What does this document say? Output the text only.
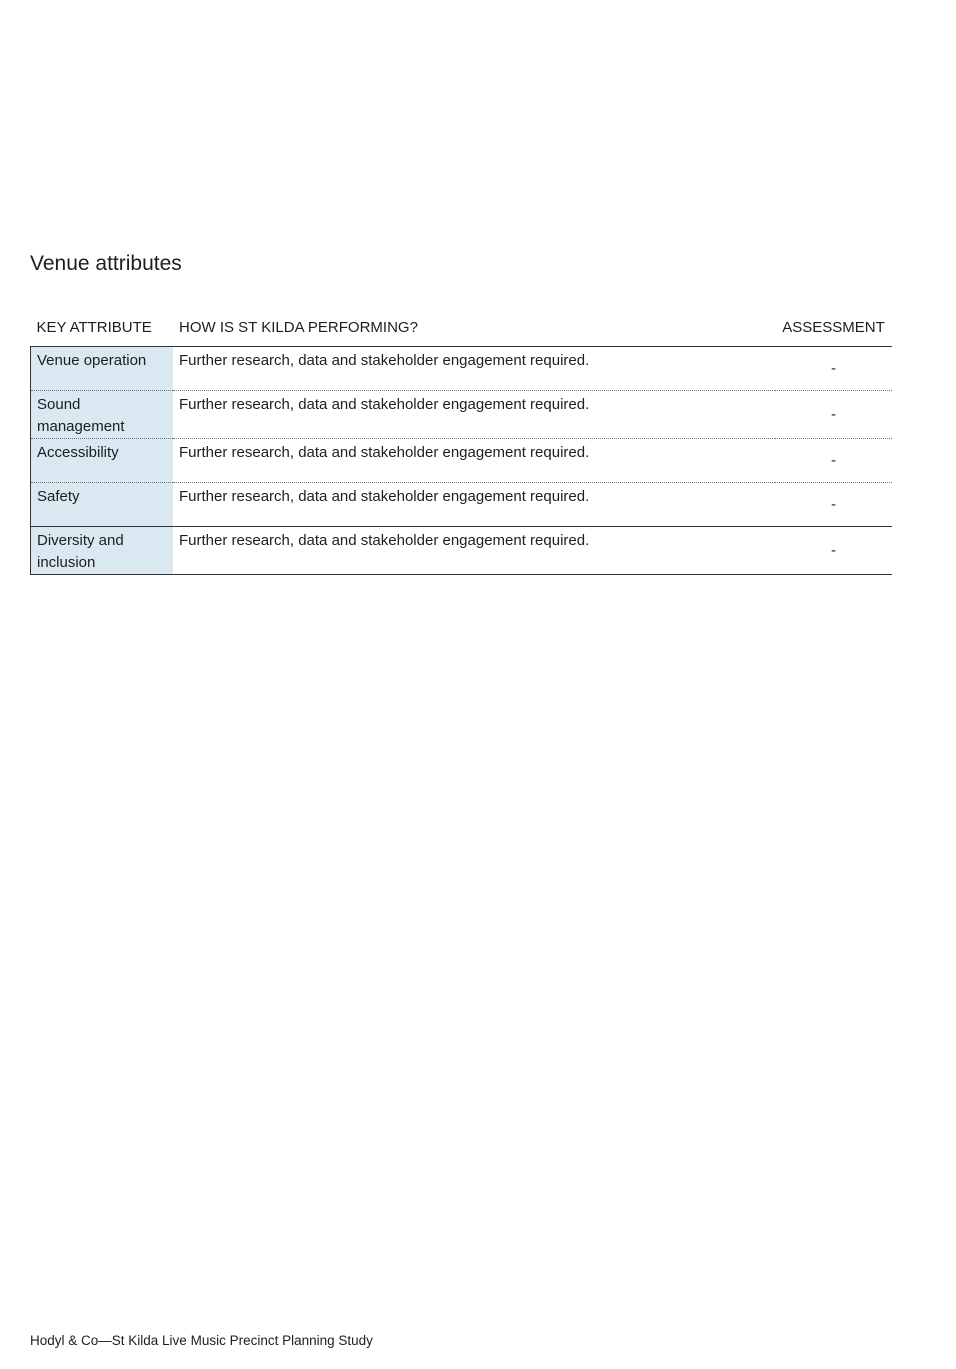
Venue attributes
KEY ATTRIBUTE	HOW IS ST KILDA PERFORMING?	ASSESSMENT
Venue operation	Further research, data and stakeholder engagement required.	-
Sound management	Further research, data and stakeholder engagement required.	-
Accessibility	Further research, data and stakeholder engagement required.	-
Safety	Further research, data and stakeholder engagement required.	-
Diversity and inclusion	Further research, data and stakeholder engagement required.	-
Hodyl & Co—St Kilda Live Music Precinct Planning Study
